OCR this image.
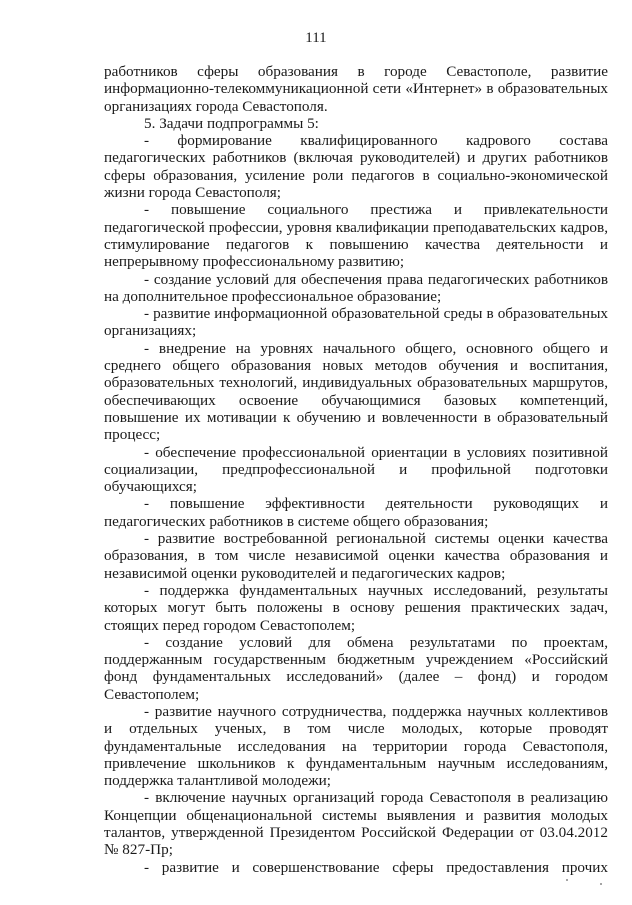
111

работников сферы образования в городе Севастополе, развитие информационно-телекоммуникационной сети «Интернет» в образовательных организациях города Севастополя.

5. Задачи подпрограммы 5:

- формирование квалифицированного кадрового состава педагогических работников (включая руководителей) и других работников сферы образования, усиление роли педагогов в социально-экономической жизни города Севастополя;

- повышение социального престижа и привлекательности педагогической профессии, уровня квалификации преподавательских кадров, стимулирование педагогов к повышению качества деятельности и непрерывному профессиональному развитию;

- создание условий для обеспечения права педагогических работников на дополнительное профессиональное образование;

- развитие информационной образовательной среды в образовательных организациях;

- внедрение на уровнях начального общего, основного общего и среднего общего образования новых методов обучения и воспитания, образовательных технологий, индивидуальных образовательных маршрутов, обеспечивающих освоение обучающимися базовых компетенций, повышение их мотивации к обучению и вовлеченности в образовательный процесс;

- обеспечение профессиональной ориентации в условиях позитивной социализации, предпрофессиональной и профильной подготовки обучающихся;

- повышение эффективности деятельности руководящих и педагогических работников в системе общего образования;

- развитие востребованной региональной системы оценки качества образования, в том числе независимой оценки качества образования и независимой оценки руководителей и педагогических кадров;

- поддержка фундаментальных научных исследований, результаты которых могут быть положены в основу решения практических задач, стоящих перед городом Севастополем;

- создание условий для обмена результатами по проектам, поддержанным государственным бюджетным учреждением «Российский фонд фундаментальных исследований» (далее – фонд) и городом Севастополем;

- развитие научного сотрудничества, поддержка научных коллективов и отдельных ученых, в том числе молодых, которые проводят фундаментальные исследования на территории города Севастополя, привлечение школьников к фундаментальным научным исследованиям, поддержка талантливой молодежи;

- включение научных организаций города Севастополя в реализацию Концепции общенациональной системы выявления и развития молодых талантов, утвержденной Президентом Российской Федерации от 03.04.2012 № 827-Пр;

- развитие и совершенствование сферы предоставления прочих
